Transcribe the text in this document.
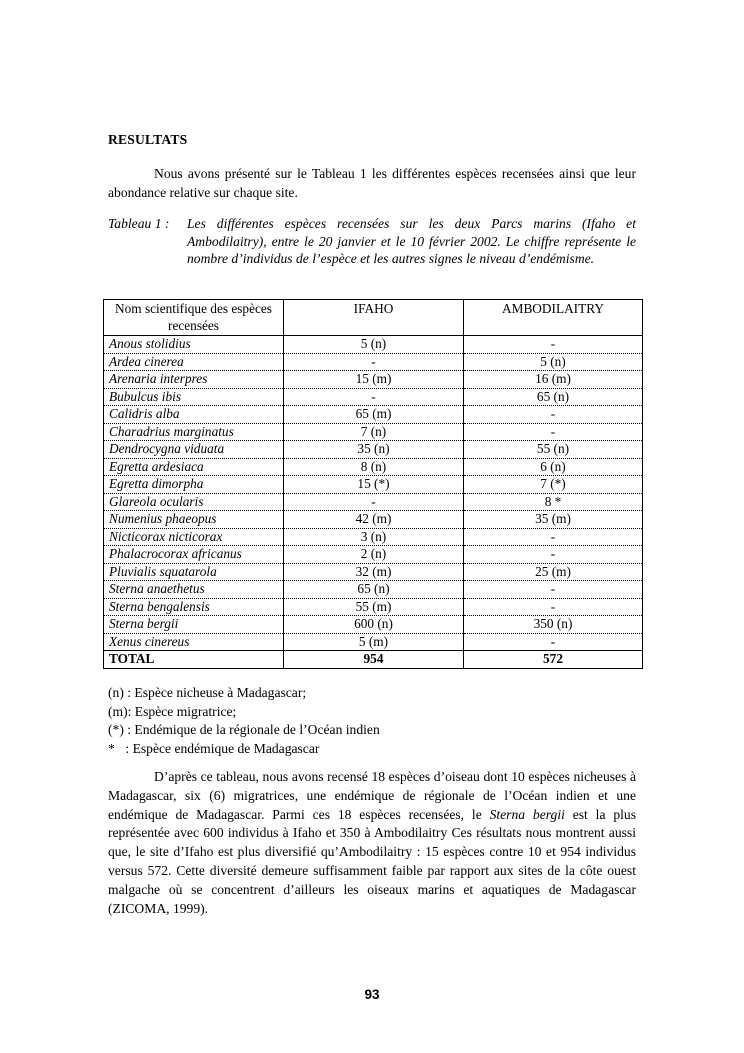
RESULTATS
Nous avons présenté sur le Tableau 1 les différentes espèces recensées ainsi que leur abondance relative sur chaque site.
Tableau 1 :	Les différentes espèces recensées sur les deux Parcs marins (Ifaho et Ambodilaitry), entre le 20 janvier et le 10 février 2002. Le chiffre représente le nombre d’individus de l’espèce et les autres signes le niveau d’endémisme.
Nom scientifique des espèces recensées	IFAHO	AMBODILAITRY
Anous stolidius	5 (n)	-
Ardea cinerea	-	5 (n)
Arenaria interpres	15 (m)	16 (m)
Bubulcus ibis	-	65 (n)
Calidris alba	65 (m)	-
Charadrius marginatus	7 (n)	-
Dendrocygna viduata	35 (n)	55 (n)
Egretta ardesiaca	8 (n)	6 (n)
Egretta dimorpha	15 (*)	7 (*)
Glareola ocularis	-	8 *
Numenius phaeopus	42 (m)	35 (m)
Nicticorax nicticorax	3 (n)	-
Phalacrocorax africanus	2 (n)	-
Pluvialis squatarola	32 (m)	25 (m)
Sterna anaethetus	65 (n)	-
Sterna bengalensis	55 (m)	-
Sterna bergii	600 (n)	350 (n)
Xenus cinereus	5 (m)	-
TOTAL	954	572
(n) : Espèce nicheuse à Madagascar;
(m): Espèce migratrice;
(*) : Endémique de la régionale de l’Océan indien
* : Espèce endémique de Madagascar
D’après ce tableau, nous avons recensé 18 espèces d’oiseau dont 10 espèces nicheuses à Madagascar, six (6) migratrices, une endémique de régionale de l’Océan indien et une endémique de Madagascar. Parmi ces 18 espèces recensées, le Sterna bergii est la plus représentée avec 600 individus à Ifaho et 350 à Ambodilaitry Ces résultats nous montrent aussi que, le site d’Ifaho est plus diversifié qu’Ambodilaitry : 15 espèces contre 10 et 954 individus versus 572. Cette diversité demeure suffisamment faible par rapport aux sites de la côte ouest malgache où se concentrent d’ailleurs les oiseaux marins et aquatiques de Madagascar (ZICOMA, 1999).
93
